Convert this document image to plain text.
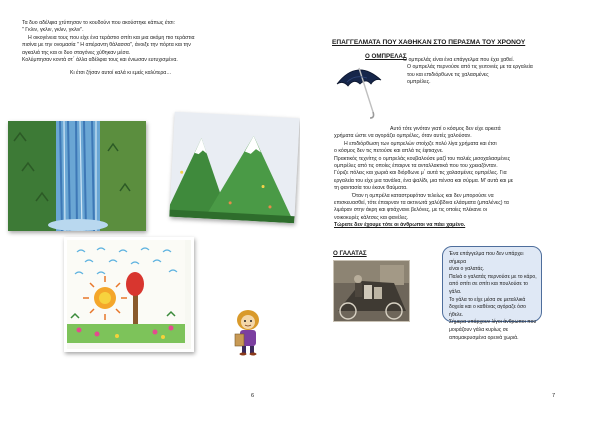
Τα δυο αδέλφια χτύπησαν το κουδούνι που ακούστηκε κάπως έτσι:

" Γκλιν, γκλιν, γκλιν, γκλιν".

Η οικογένεια τους που είχε ένα τεράστιο σπίτι και μια ακόμη πιο τεράστια

πισίνα με την ονομασία " Η απέραντη θάλασσα", άνοιξε την πόρτα και την

αγκαλιά της και οι δυο σταγόνες χύθηκαν μέσα.

Κολύμπησαν κοντά στ΄ άλλα αδέλφια τους και ένιωσαν ευτυχισμένα.

Κι έτσι ζήσαν αυτοί καλά κι εμείς καλύτερα…

6
ΕΠΑΓΓΕΛΜΑΤΑ ΠΟΥ ΧΑΘΗΚΑΝ ΣΤΟ ΠΕΡΑΣΜΑ ΤΟΥ ΧΡΟΝΟΥ
Ο ΟΜΠΡΕΛΑΣ

Ο ομπρελάς είναι ένα επάγγελμα που έχει χαθεί.

Ο ομπρελάς περνούσε από τις γειτονιές με τα εργαλεία

του και επιδιόρθωνε τις χαλασμένες

ομπρέλες.

Αυτό τότε γινόταν γιατί ο κόσμος δεν είχε αρκετά

χρήματα ώστε να αγοράζει ομπρέλες, όταν αυτές χαλούσαν.

Η επιδιόρθωση των ομπρελών στοίχιζε πολύ λίγα χρήματα και έτσι

ο κόσμος δεν τις πετούσε και απλά τις έφτιαχνε.

Πρακτικός τεχνίτης ο ομπρελάς κουβαλούσε μαζί του παλιές μισοχαλασμένες

ομπρέλες από τις οποίες έπαιρνε τα ανταλλακτικά που του χρειαζόνταν.

Γύριζε πόλεις και χωριά και διόρθωνε μ΄ αυτά τις χαλασμένες ομπρέλες. Για

εργαλεία του είχε μια τανάλια, ένα ψαλίδι, μια πένσα και σύρμα. Μ' αυτά και με

τη φαντασία του έκανε θαύματα.

Όταν η ομπρέλα καταστρεφόταν τελείως και δεν μπορούσε να

επισκευασθεί, τότε έπαιρναν τα ακτινωτά χαλύβδινα ελάσματα (μπαλένες) τα

λιμάραν στην άκρη και φτιάχνανε βελόνες, με τις οποίες πλέκανε οι

νοικοκυρές κάλτσες και φανέλες.

Τώρατε δεν έχουμε τότε οι άνθρωποι να πάει χαμένο.

Ο ΓΑΛΑΤΑΣ	Ένα επάγγελμα που δεν υπάρχει σήμερα

είναι ο γαλατάς.

Παλιά ο γαλατάς περνούσε με το κάρο,

από σπίτι σε σπίτι και πουλούσε το γάλα.

Το γάλα το είχε μέσα σε μεταλλικά

δοχεία και ο καθένας αγόραζε όσο ήθελε.

Σήμερα υπάρχουν λίγοι άνθρωποι που

μοιράζουν γάλα κυρίως σε

απομακρυσμένα ορεινά χωριά.

7
